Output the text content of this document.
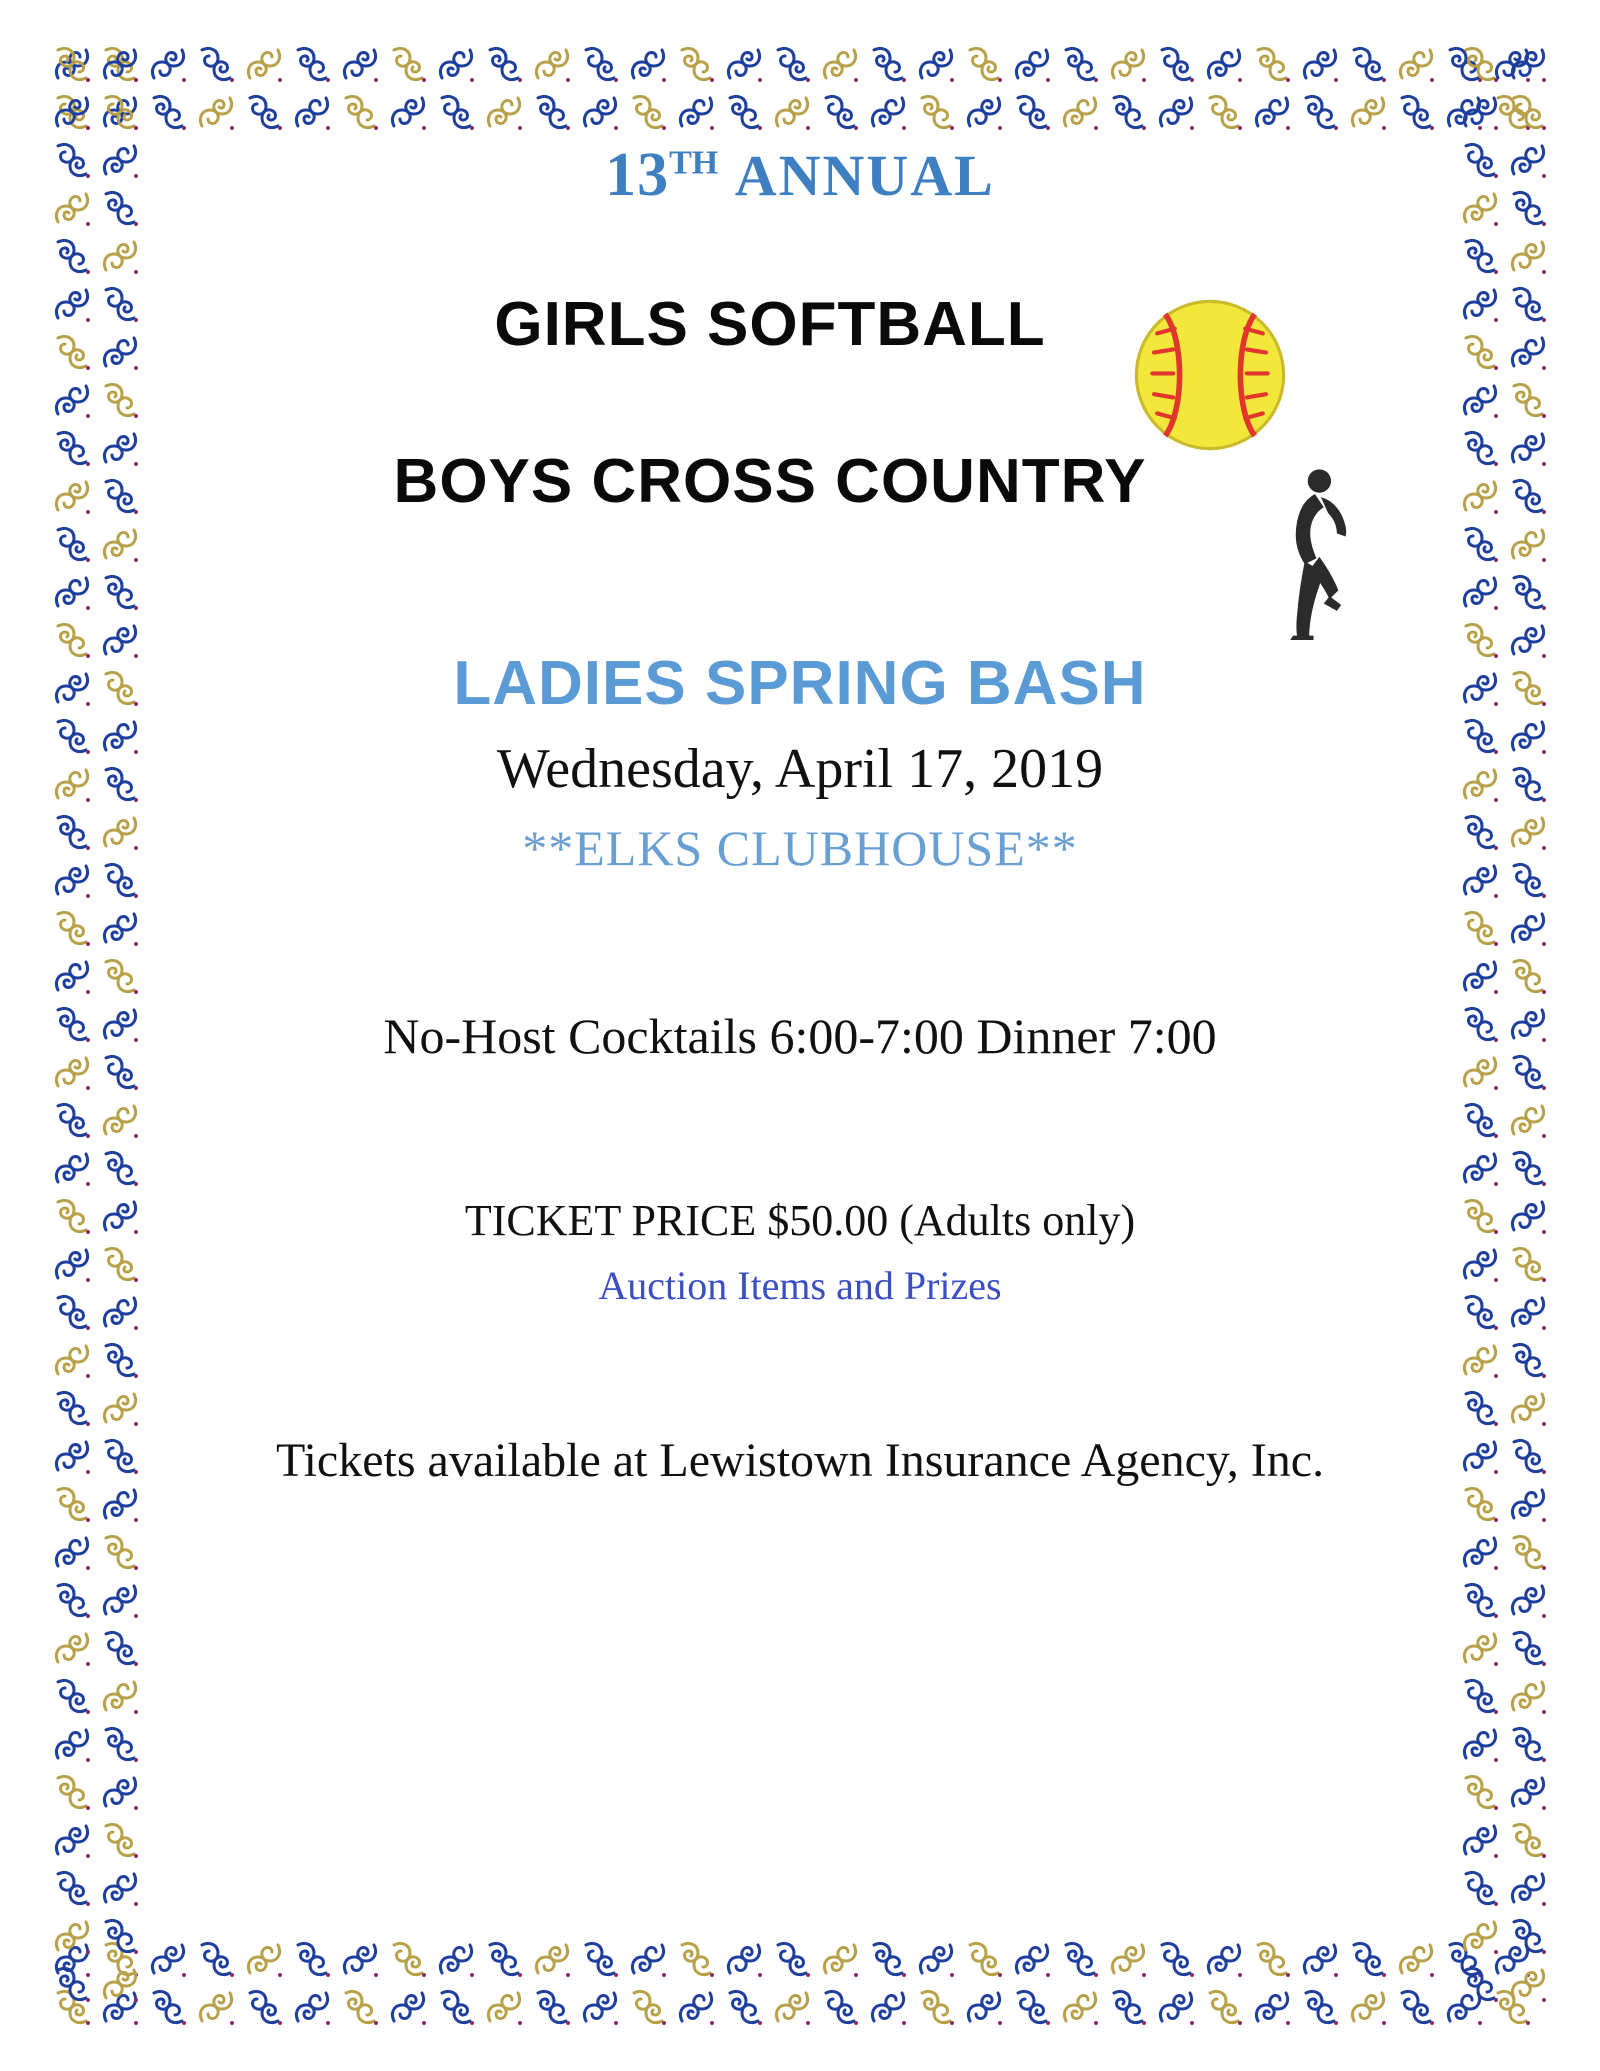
13TH ANNUAL
GIRLS SOFTBALL
BOYS CROSS COUNTRY
LADIES SPRING BASH
Wednesday, April 17, 2019
**ELKS CLUBHOUSE**
No-Host Cocktails 6:00-7:00 Dinner 7:00
TICKET PRICE $50.00 (Adults only)
Auction Items and Prizes
Tickets available at Lewistown Insurance Agency, Inc.
